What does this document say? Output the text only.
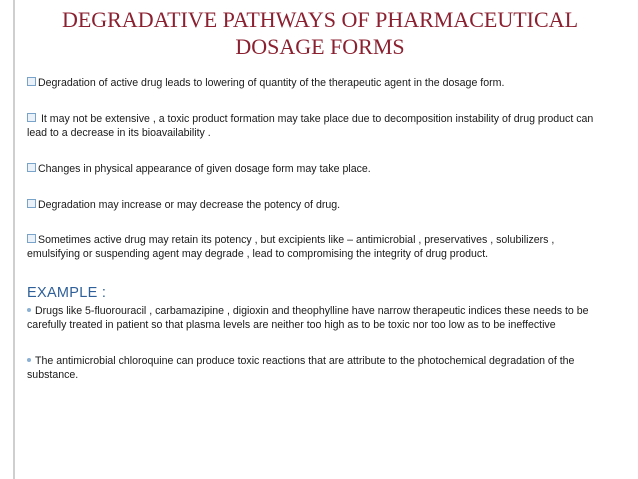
DEGRADATIVE PATHWAYS OF PHARMACEUTICAL
DOSAGE FORMS

Degradation of active drug leads to lowering of quantity of the therapeutic agent in the dosage form.

It may not be extensive , a toxic product formation may take place due to decomposition instability of drug product can lead to a decrease in its bioavailability .

Changes in physical appearance of given dosage form may take place.

Degradation may increase or may decrease the potency of drug.

Sometimes active drug may retain its potency , but excipients like – antimicrobial , preservatives , solubilizers , emulsifying or suspending agent may degrade , lead to compromising the integrity of drug product.

EXAMPLE :

Drugs like 5-fluorouracil , carbamazipine , digioxin and theophylline have narrow therapeutic indices these needs to be carefully treated in patient so that plasma levels are neither too high as to be toxic nor too low as to be ineffective

The antimicrobial chloroquine can produce toxic reactions that are attribute to the photochemical degradation of the substance.
